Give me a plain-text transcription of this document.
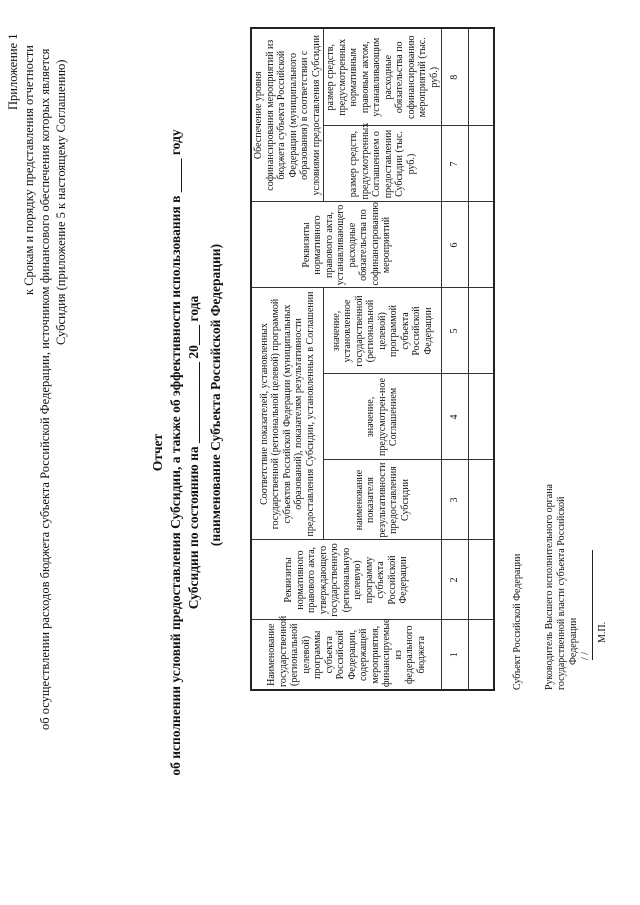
Приложение 1 к Срокам и порядку представления отчетности об осуществлении расходов бюджета субъекта Российской Федерации, источником финансового обеспечения которых является Субсидия (приложение 5 к настоящему Соглашению)
Отчет об исполнении условий предоставления Субсидии, а также об эффективности использования в _____ году Субсидии по состоянию на ____________ 20___ года (наименование Субъекта Российской Федерации)
Наименование государственной (региональной целевой) программы субъекта Российской Федерации, содержащей мероприятия, финансируемые из федерального бюджета	Реквизиты нормативного правового акта, утверждающего государственную (региональную целевую) программу субъекта Российской Федерации	Соответствие показателей, установленных государственной (региональной целевой) программой субъектов Российской Федерации (муниципальных образований), показателям результативности предоставления Субсидии, установленных в Соглашении			Реквизиты нормативного правового акта, устанавливающего расходные обязательства по софинансированию мероприятий	Обеспечение уровня софинансирования мероприятий из бюджета субъекта Российской Федерации (муниципального образования) в соответствии с условиями предоставления Субсидии	
		наименование показателя результативности предоставления Субсидии	значение, предусмотрен-ное Соглашением	значение, установленное государственной (региональной целевой) программой субъекта Российской Федерации		размер средств, предусмотренных Соглашением о предоставлении Субсидии (тыс. руб.)	размер средств, предусмотренных нормативным правовым актом, устанавливающим расходные обязательства по софинансированию мероприятий (тыс. руб.)
1	2	3	4	5	6	7	8

Субъект Российской Федерации Руководитель Высшего исполнительного органа государственной власти субъекта Российской Федерации / /
М.П.
